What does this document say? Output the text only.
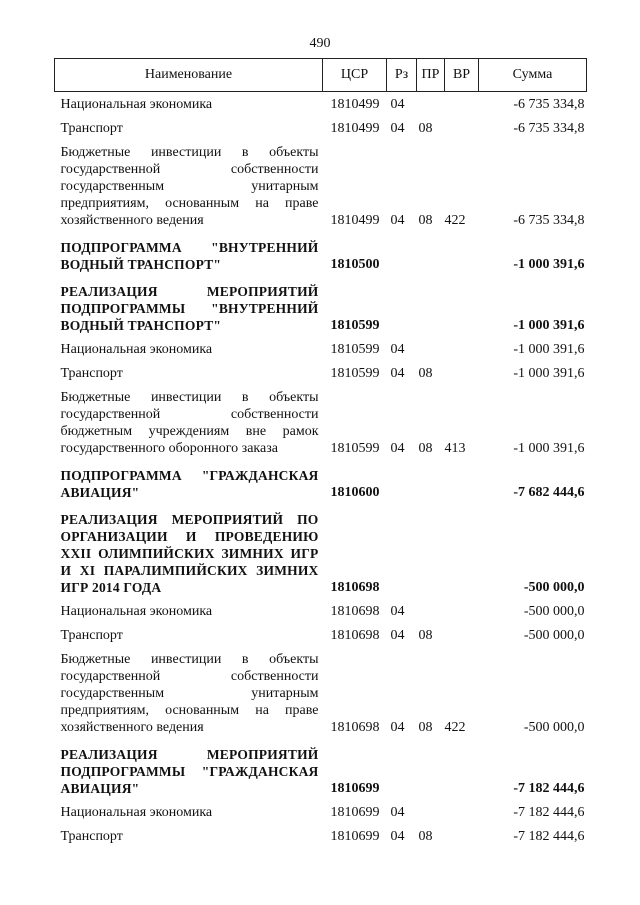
490
Наименование	ЦСР	Рз	ПР	ВР	Сумма
Национальная экономика	1810499	04			-6 735 334,8
Транспорт	1810499	04	08		-6 735 334,8
Бюджетные инвестиции в объекты государственной собственности государственным унитарным предприятиям, основанным на праве хозяйственного ведения	1810499	04	08	422	-6 735 334,8
ПОДПРОГРАММА "ВНУТРЕННИЙ ВОДНЫЙ ТРАНСПОРТ"	1810500				-1 000 391,6
РЕАЛИЗАЦИЯ МЕРОПРИЯТИЙ ПОДПРОГРАММЫ "ВНУТРЕННИЙ ВОДНЫЙ ТРАНСПОРТ"	1810599				-1 000 391,6
Национальная экономика	1810599	04			-1 000 391,6
Транспорт	1810599	04	08		-1 000 391,6
Бюджетные инвестиции в объекты государственной собственности бюджетным учреждениям вне рамок государственного оборонного заказа	1810599	04	08	413	-1 000 391,6
ПОДПРОГРАММА "ГРАЖДАНСКАЯ АВИАЦИЯ"	1810600				-7 682 444,6
РЕАЛИЗАЦИЯ МЕРОПРИЯТИЙ ПО ОРГАНИЗАЦИИ И ПРОВЕДЕНИЮ XXII ОЛИМПИЙСКИХ ЗИМНИХ ИГР И XI ПАРАЛИМПИЙСКИХ ЗИМНИХ ИГР 2014 ГОДА	1810698				-500 000,0
Национальная экономика	1810698	04			-500 000,0
Транспорт	1810698	04	08		-500 000,0
Бюджетные инвестиции в объекты государственной собственности государственным унитарным предприятиям, основанным на праве хозяйственного ведения	1810698	04	08	422	-500 000,0
РЕАЛИЗАЦИЯ МЕРОПРИЯТИЙ ПОДПРОГРАММЫ "ГРАЖДАНСКАЯ АВИАЦИЯ"	1810699				-7 182 444,6
Национальная экономика	1810699	04			-7 182 444,6
Транспорт	1810699	04	08		-7 182 444,6
